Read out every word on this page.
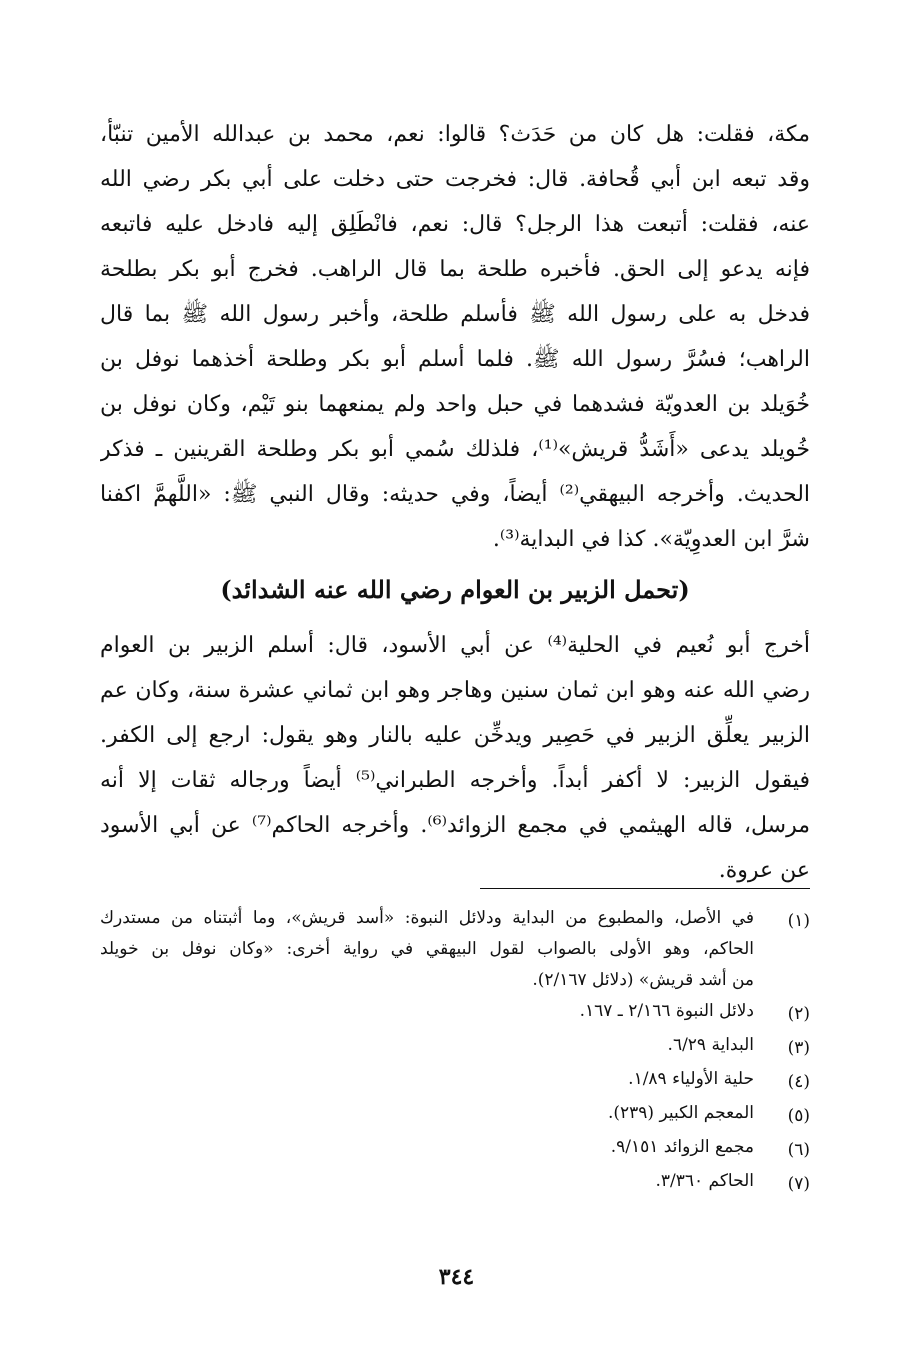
مكة، فقلت: هل كان من حَدَث؟ قالوا: نعم، محمد بن عبدالله الأمين تنبّأ،
وقد تبعه ابن أبي قُحافة. قال: فخرجت حتى دخلت على أبي بكر رضي الله
عنه، فقلت: أتبعت هذا الرجل؟ قال: نعم، فانْطَلِق إليه فادخل عليه فاتبعه
فإنه يدعو إلى الحق. فأخبره طلحة بما قال الراهب. فخرج أبو بكر بطلحة
فدخل به على رسول الله ﷺ فأسلم طلحة، وأخبر رسول الله ﷺ بما قال
الراهب؛ فسُرَّ رسول الله ﷺ. فلما أسلم أبو بكر وطلحة أخذهما نوفل بن
خُوَيلد بن العدويّة فشدهما في حبل واحد ولم يمنعهما بنو تَيْم، وكان نوفل بن
خُويلد يدعى «أَشَدُّ قريش»⁽¹⁾، فلذلك سُمي أبو بكر وطلحة القرينين ـ فذكر
الحديث. وأخرجه البيهقي⁽²⁾ أيضاً، وفي حديثه: وقال النبي ﷺ: «اللَّهمَّ اكفنا
شرَّ ابن العدوِيّة». كذا في البداية⁽³⁾.
(تحمل الزبير بن العوام رضي الله عنه الشدائد)
أخرج أبو نُعيم في الحلية⁽⁴⁾ عن أبي الأسود، قال: أسلم الزبير بن العوام
رضي الله عنه وهو ابن ثمان سنين وهاجر وهو ابن ثماني عشرة سنة، وكان عم
الزبير يعلِّق الزبير في حَصِير ويدخِّن عليه بالنار وهو يقول: ارجع إلى الكفر.
فيقول الزبير: لا أكفر أبداً. وأخرجه الطبراني⁽⁵⁾ أيضاً ورجاله ثقات إلا أنه
مرسل، قاله الهيثمي في مجمع الزوائد⁽⁶⁾. وأخرجه الحاكم⁽⁷⁾ عن أبي الأسود
عن عروة.
(١)
في الأصل، والمطبوع من البداية ودلائل النبوة: «أسد قريش»، وما أثبتناه من مستدرك
الحاكم، وهو الأولى بالصواب لقول البيهقي في رواية أخرى: «وكان نوفل بن خويلد
من أشد قريش» (دلائل ٢/١٦٧).
(٢)
دلائل النبوة ٢/١٦٦ ـ ١٦٧.
(٣)
البداية ٦/٢٩.
(٤)
حلية الأولياء ١/٨٩.
(٥)
المعجم الكبير (٢٣٩).
(٦)
مجمع الزوائد ٩/١٥١.
(٧)
الحاكم ٣/٣٦٠.
٣٤٤
